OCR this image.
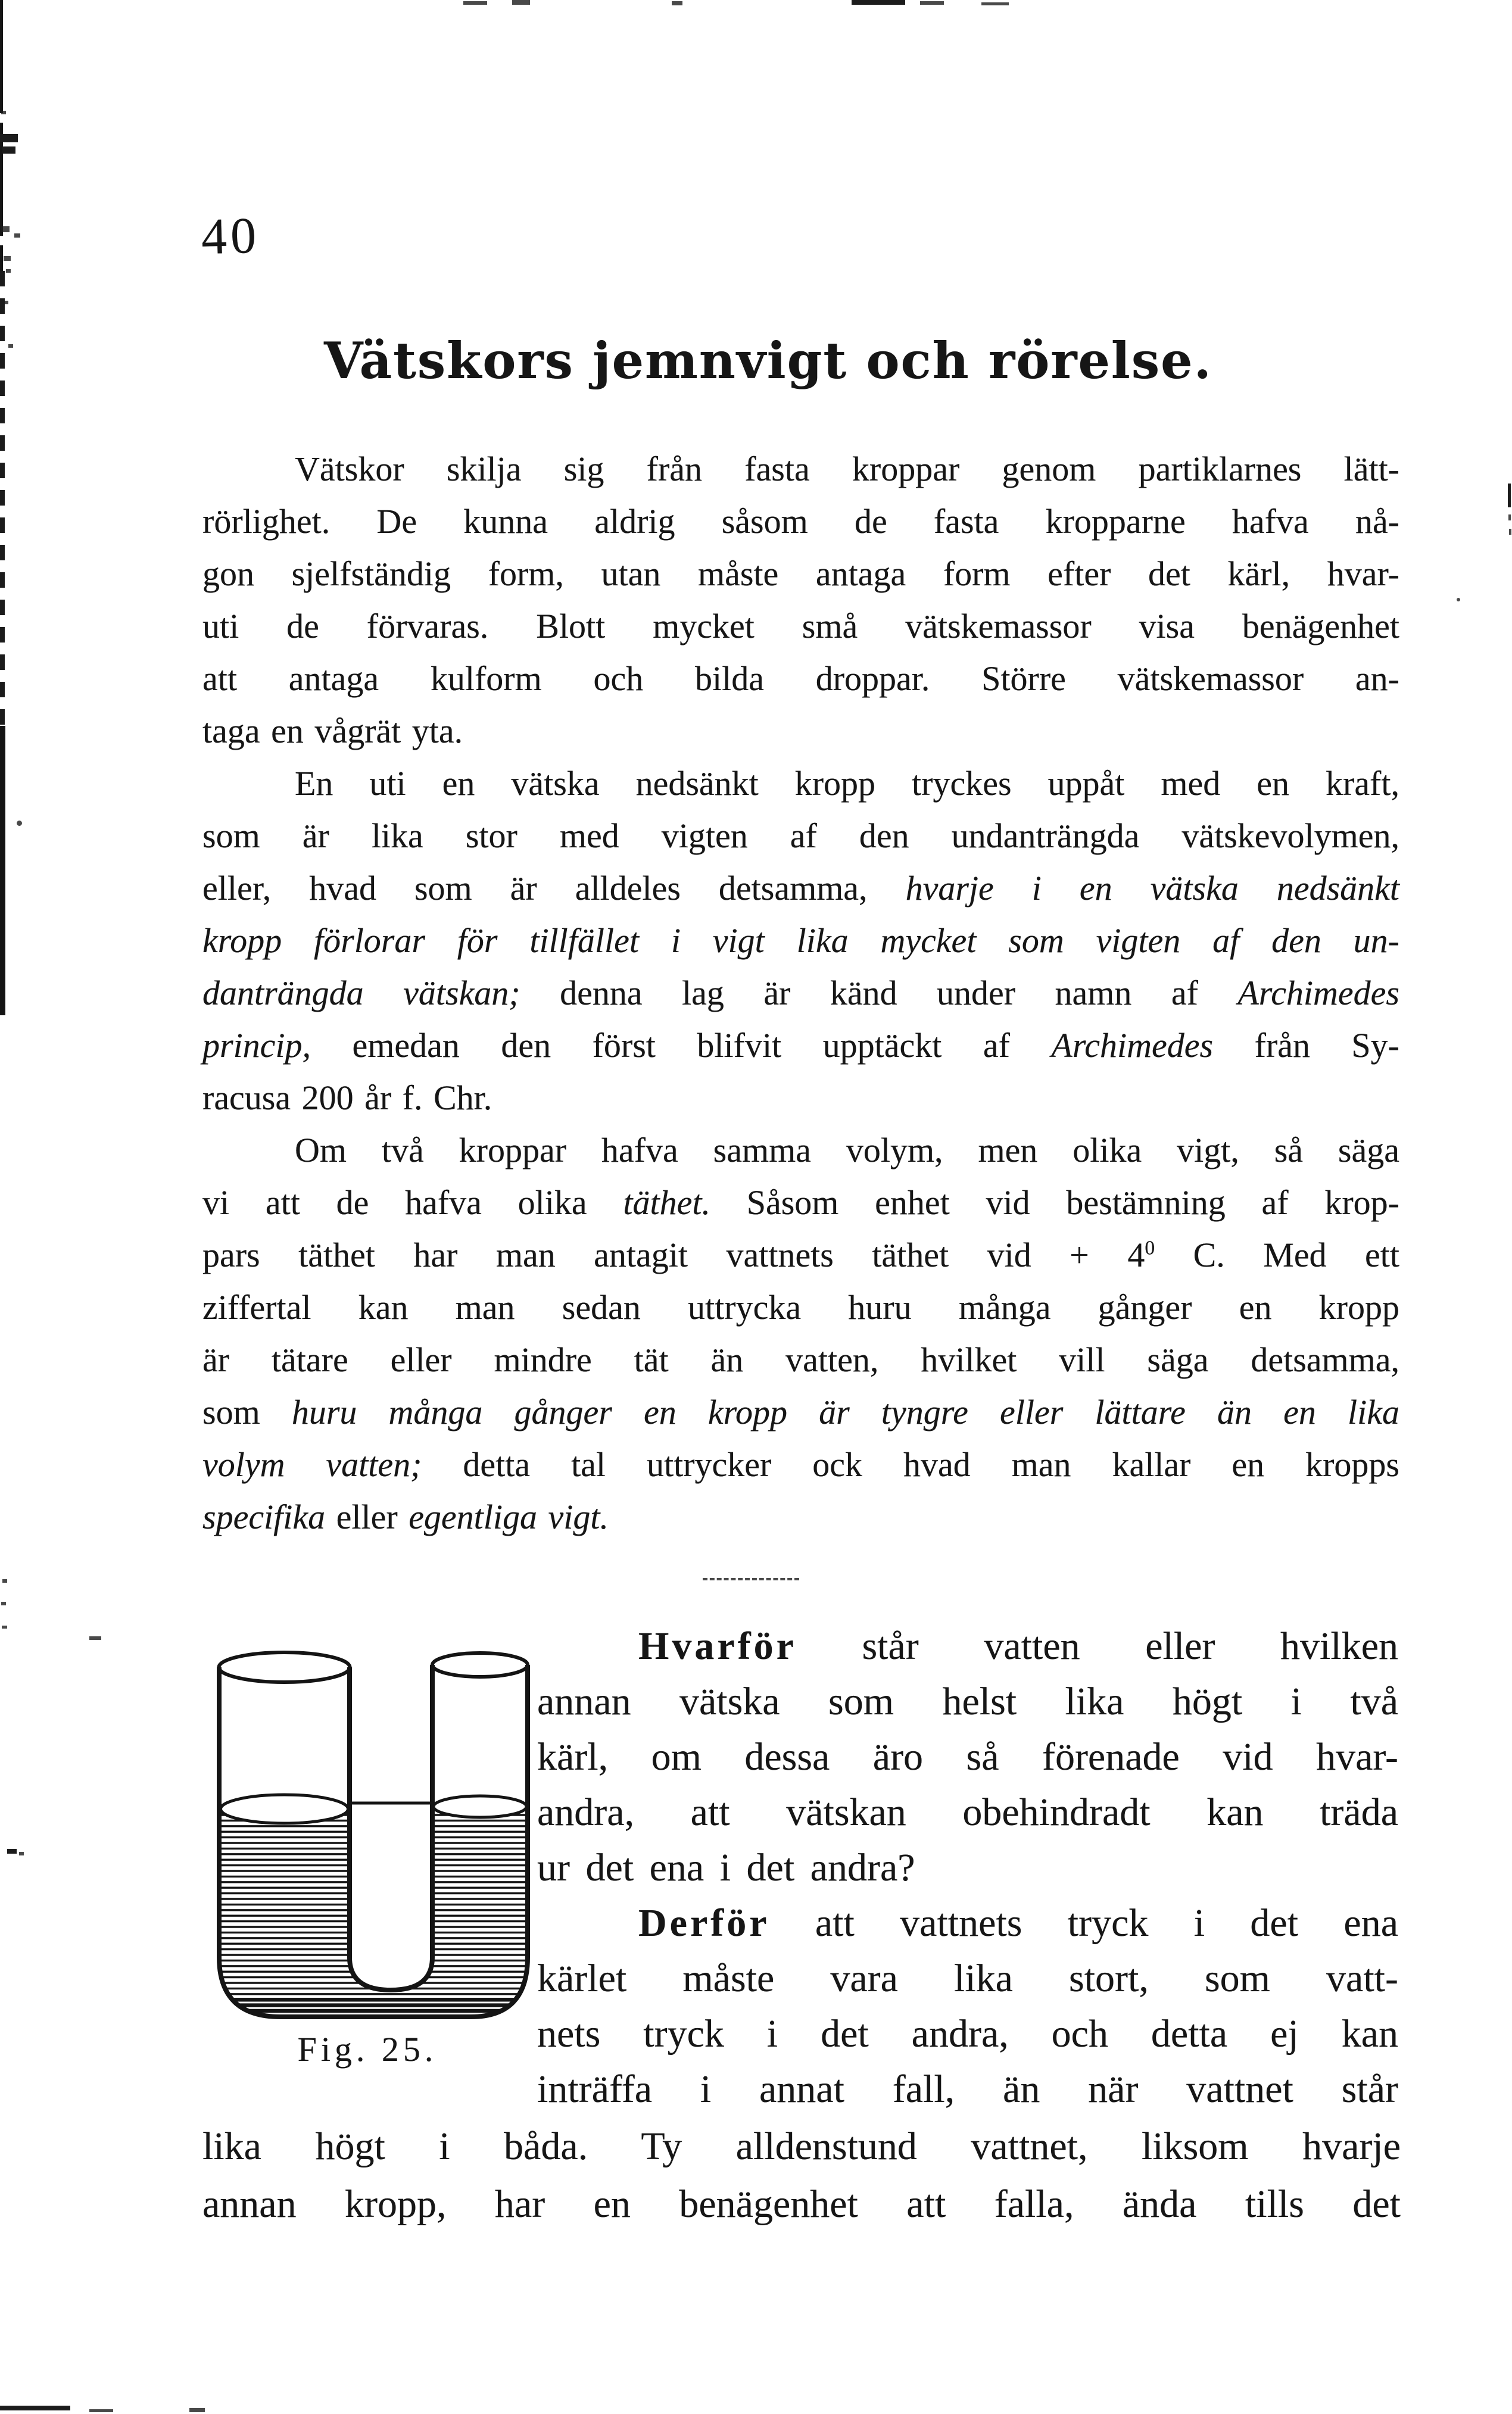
40
Vätskors jemnvigt och rörelse.
Vätskor skilja sig från fasta kroppar genom partiklarnes lätt-
rörlighet. De kunna aldrig såsom de fasta kropparne hafva nå-
gon sjelfständig form, utan måste antaga form efter det kärl, hvar-
uti de förvaras. Blott mycket små vätskemassor visa benägenhet
att antaga kulform och bilda droppar. Större vätskemassor an-
taga en vågrät yta.
En uti en vätska nedsänkt kropp tryckes uppåt med en kraft,
som är lika stor med vigten af den undanträngda vätskevolymen,
eller, hvad som är alldeles detsamma, hvarje i en vätska nedsänkt
kropp förlorar för tillfället i vigt lika mycket som vigten af den un-
danträngda vätskan; denna lag är känd under namn af Archimedes
princip, emedan den först blifvit upptäckt af Archimedes från Sy-
racusa 200 år f. Chr.
Om två kroppar hafva samma volym, men olika vigt, så säga
vi att de hafva olika täthet. Såsom enhet vid bestämning af krop-
pars täthet har man antagit vattnets täthet vid + $4^0$ C. Med ett
ziffertal kan man sedan uttrycka huru många gånger en kropp
är tätare eller mindre tät än vatten, hvilket vill säga detsamma,
som huru många gånger en kropp är tyngre eller lättare än en lika
volym vatten; detta tal uttrycker ock hvad man kallar en kropps
specifika eller egentliga vigt.
Fig. 25.
Hvarför står vatten eller hvilken
annan vätska som helst lika högt i två
kärl, om dessa äro så förenade vid hvar-
andra, att vätskan obehindradt kan träda
ur det ena i det andra?
Derför att vattnets tryck i det ena
kärlet måste vara lika stort, som vatt-
nets tryck i det andra, och detta ej kan
inträffa i annat fall, än när vattnet står
lika högt i båda. Ty alldenstund vattnet, liksom hvarje
annan kropp, har en benägenhet att falla, ända tills det
